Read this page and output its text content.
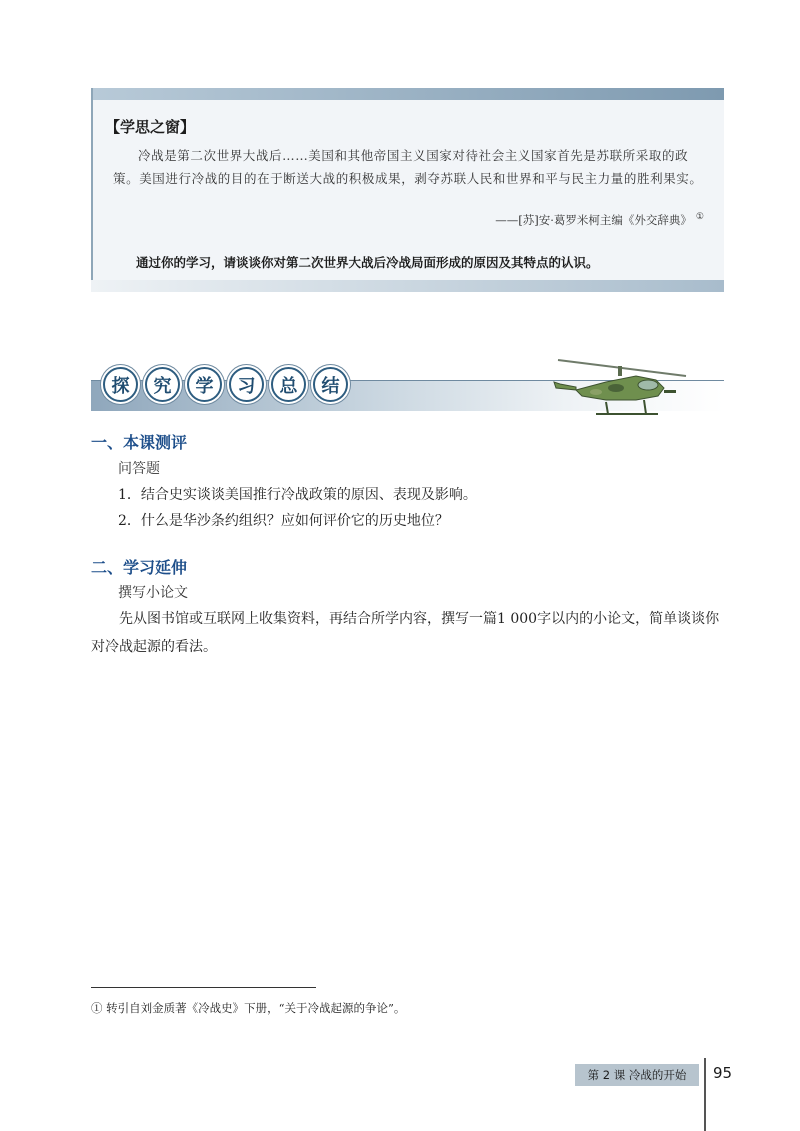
【学思之窗】
冷战是第二次世界大战后……美国和其他帝国主义国家对待社会主义国家首先是苏联所采取的政策。美国进行冷战的目的在于断送大战的积极成果，剥夺苏联人民和世界和平与民主力量的胜利果实。
——[苏]安·葛罗米柯主编《外交辞典》 ①
通过你的学习，请谈谈你对第二次世界大战后冷战局面形成的原因及其特点的认识。
探	究	学	习	总	结
一、本课测评
问答题
1．结合史实谈谈美国推行冷战政策的原因、表现及影响。
2．什么是华沙条约组织？应如何评价它的历史地位？
二、学习延伸
撰写小论文
先从图书馆或互联网上收集资料，再结合所学内容，撰写一篇1 000字以内的小论文，简单谈谈你对冷战起源的看法。
① 转引自刘金质著《冷战史》下册，“关于冷战起源的争论”。
第 2 课 冷战的开始	95
